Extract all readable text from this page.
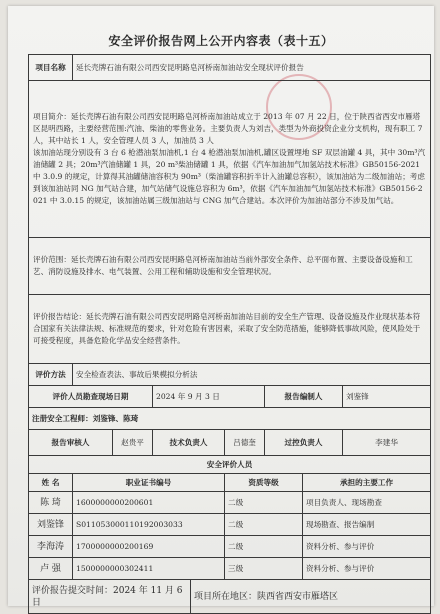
安全评价报告网上公开内容表（表十五）
项目名称	延长壳牌石油有限公司西安昆明路皂河桥南加油站安全现状评价报告							
项目简介：延长壳牌石油有限公司西安昆明路皂河桥南加油站成立于 2013 年 07 月 22 日，位于陕西省西安市雁塔区昆明西路，主要经营范围:汽油、柴油的零售业务。主要负责人为刘吉，类型为外商投资企业分支机构，现有职工 7 人，其中站长 1 人，安全管理人员 3 人，加油员 3 人
该加油站现分别设有 3 台 6 枪潜油泵加油机,1 台 4 枪潜油泵加油机,罐区设置埋地 SF 双层油罐 4 具，其中 30m³汽油储罐 2 具；20m³汽油储罐 1 具，20 m³柴油储罐 1 具，依据《汽车加油加气加氢站技术标准》GB50156-2021 中 3.0.9 的规定，计算得其油罐储油容积为 90m³（柴油罐容积折半计入油罐总容积），该加油站为二级加油站；考虑到该加油站同 NG 加气站合建，加气站储气设施总容积为 6m³，依据《汽车加油加气加氢站技术标准》GB50156-2021 中 3.0.15 的规定，该加油站属三级加油站与 CNG 加气合建站。本次评价为加油站部分不涉及加气站。								
评价范围：延长壳牌石油有限公司西安昆明路皂河桥南加油站当前外部安全条件、总平面布置、主要设备设施和工艺、消防设施及排水、电气装置、公用工程和辅助设施和安全管理状况。								
评价报告结论：延长壳牌石油有限公司西安昆明路皂河桥南加油站目前的安全生产管理、设备设施及作业现状基本符合国家有关法律法规、标准规范的要求，针对危险有害因素，采取了安全防范措施，能够降低事故风险，使风险处于可接受程度，具备危险化学品安全经营条件。								
评价方法	安全检查表法、事故后果模拟分析法							
评价人员勘查现场日期			2024 年 9 月 3 日			报告编制人		刘鉴锋
注册安全工程师：刘鉴锋、陈琦								
报告审核人		赵贵平	技术负责人		吕德奎	过控负责人		李建华
安全评价人员								
姓 名	职业证书编号				资质等级		承担的主要工作	
陈 琦	1600000000200601				二级		项目负责人、现场勘查	
刘鉴锋	S011053000110192003033				二级		现场勘查、报告编制	
李海涛	1700000000200169				二级		资料分析、参与评价	
卢 强	1500000000302411				三级		资料分析、参与评价	
评价报告提交时间：2024 年 11 月 6日				项目所在地区：陕西省西安市雁塔区				
